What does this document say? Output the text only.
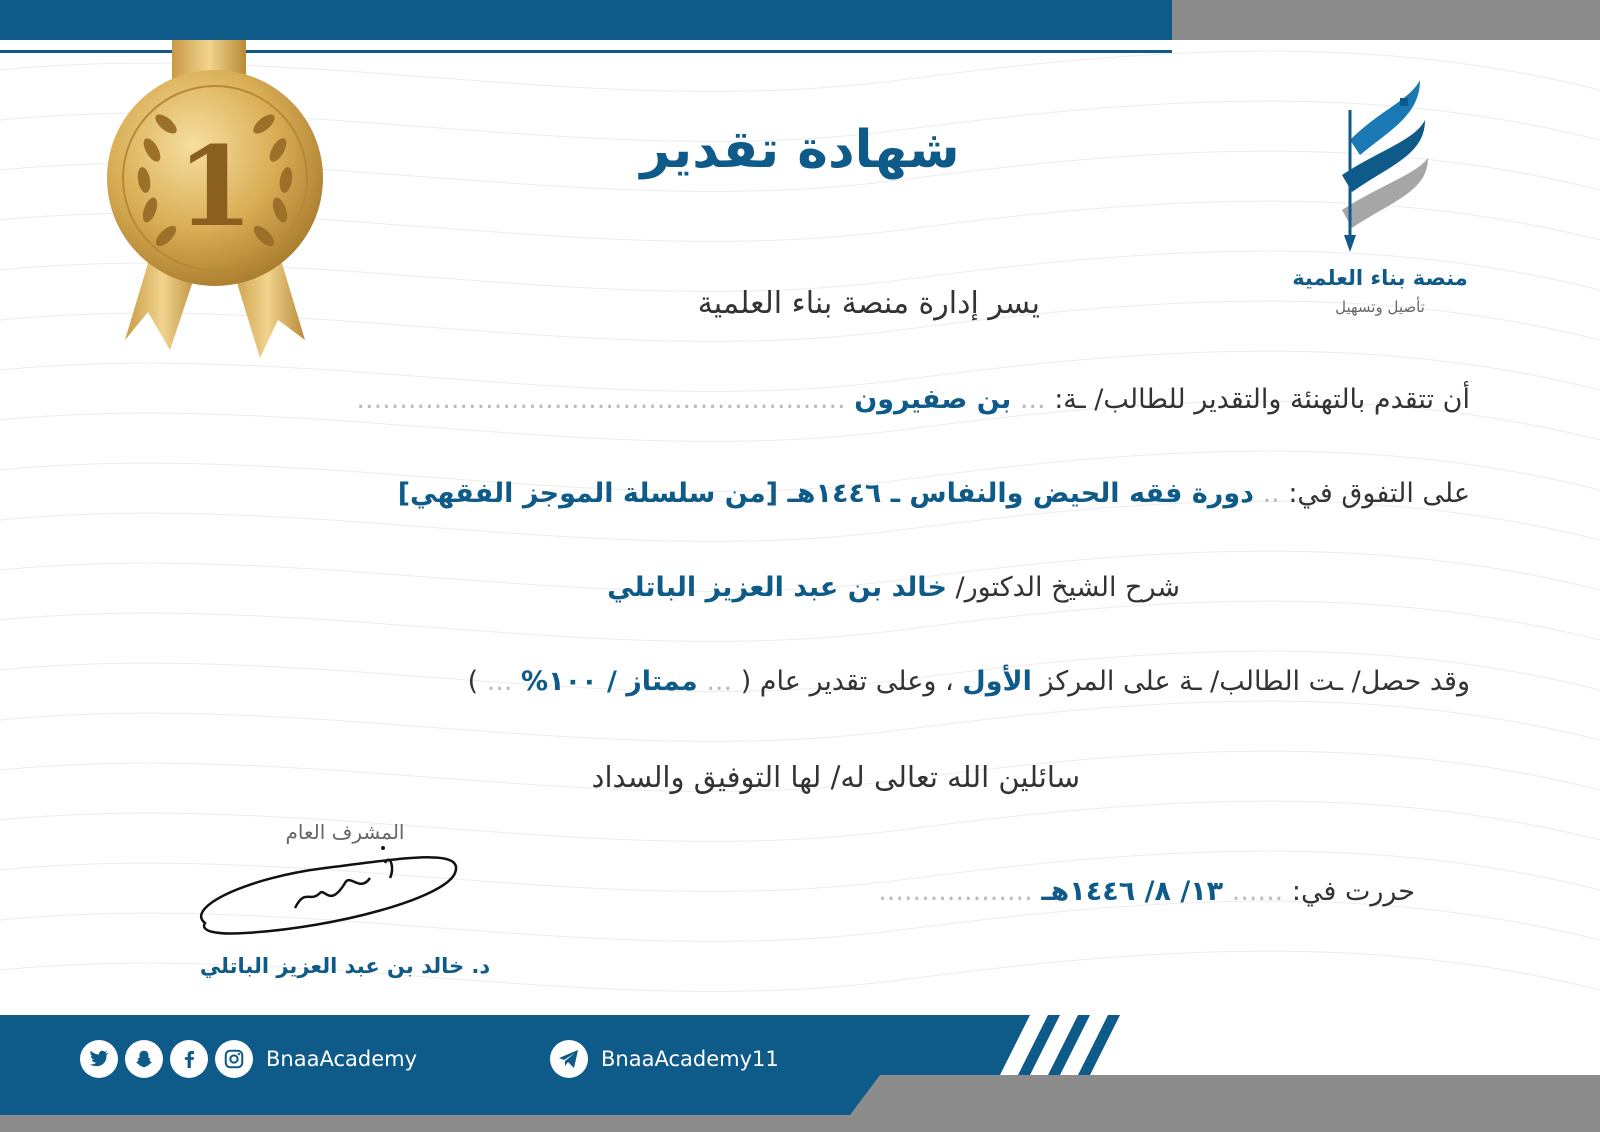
1
منصة بناء العلمية
تأصيل وتسهيل
شهادة تقدير
يسر إدارة منصة بناء العلمية
أن تتقدم بالتهنئة والتقدير للطالب/ ـة: ... بن صفيرون .........................................................
على التفوق في: .. دورة فقه الحيض والنفاس ـ ١٤٤٦هـ [من سلسلة الموجز الفقهي]
شرح الشيخ الدكتور/ خالد بن عبد العزيز الباتلي
وقد حصل/ ـت الطالب/ ـة على المركز الأول ، وعلى تقدير عام ( ... ممتاز / ١٠٠% ... )
سائلين الله تعالى له/ لها التوفيق والسداد
المشرف العام
د. خالد بن عبد العزيز الباتلي
حررت في: ...... ١٣/ ٨/ ١٤٤٦هـ ..................
BnaaAcademy11
BnaaAcademy
